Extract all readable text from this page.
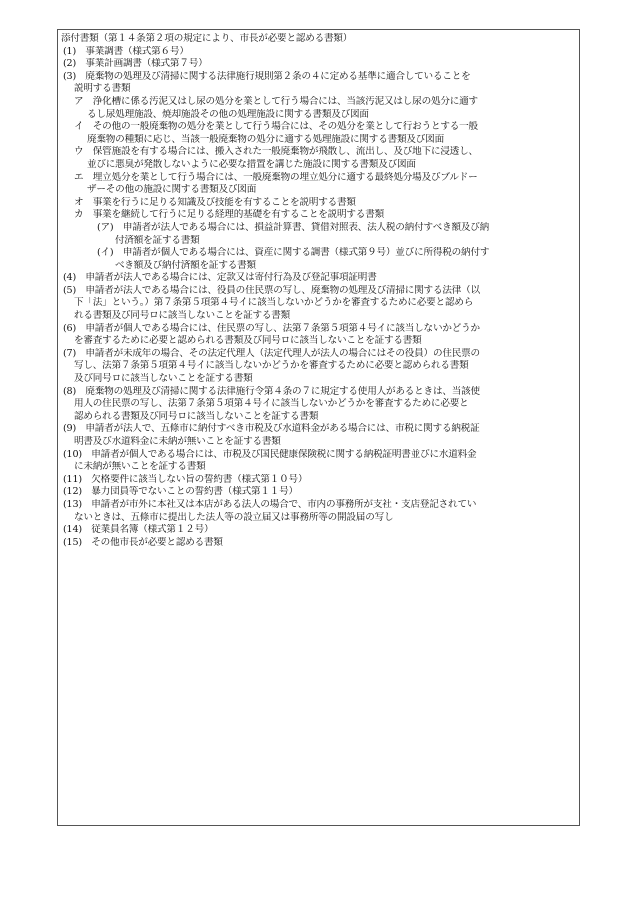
添付書類（第１４条第２項の規定により、市長が必要と認める書類）
(1)　事業調書（様式第６号）
(2)　事業計画調書（様式第７号）
(3)　廃棄物の処理及び清掃に関する法律施行規則第２条の４に定める基準に適合していることを
説明する書類
ア　浄化槽に係る汚泥又はし尿の処分を業として行う場合には、当該汚泥又はし尿の処分に適す
るし尿処理施設、焼却施設その他の処理施設に関する書類及び図面
イ　その他の一般廃棄物の処分を業として行う場合には、その処分を業として行おうとする一般
廃棄物の種類に応じ、当該一般廃棄物の処分に適する処理施設に関する書類及び図面
ウ　保管施設を有する場合には、搬入された一般廃棄物が飛散し、流出し、及び地下に浸透し、
並びに悪臭が発散しないように必要な措置を講じた施設に関する書類及び図面
エ　埋立処分を業として行う場合には、一般廃棄物の埋立処分に適する最終処分場及びブルドー
ザーその他の施設に関する書類及び図面
オ　事業を行うに足りる知識及び技能を有することを説明する書類
カ　事業を継続して行うに足りる経理的基礎を有することを説明する書類
(ア)　申請者が法人である場合には、損益計算書、貸借対照表、法人税の納付すべき額及び納
付済額を証する書類
(イ)　申請者が個人である場合には、資産に関する調書（様式第９号）並びに所得税の納付す
べき額及び納付済額を証する書類
(4)　申請者が法人である場合には、定款又は寄付行為及び登記事項証明書
(5)　申請者が法人である場合には、役員の住民票の写し、廃棄物の処理及び清掃に関する法律（以
下「法」という。）第７条第５項第４号イに該当しないかどうかを審査するために必要と認めら
れる書類及び同号ロに該当しないことを証する書類
(6)　申請者が個人である場合には、住民票の写し、法第７条第５項第４号イに該当しないかどうか
を審査するために必要と認められる書類及び同号ロに該当しないことを証する書類
(7)　申請者が未成年の場合、その法定代理人（法定代理人が法人の場合にはその役員）の住民票の
写し、法第７条第５項第４号イに該当しないかどうかを審査するために必要と認められる書類
及び同号ロに該当しないことを証する書類
(8)　廃棄物の処理及び清掃に関する法律施行令第４条の７に規定する使用人があるときは、当該使
用人の住民票の写し、法第７条第５項第４号イに該当しないかどうかを審査するために必要と
認められる書類及び同号ロに該当しないことを証する書類
(9)　申請者が法人で、五條市に納付すべき市税及び水道料金がある場合には、市税に関する納税証
明書及び水道料金に未納が無いことを証する書類
(10)　申請者が個人である場合には、市税及び国民健康保険税に関する納税証明書並びに水道料金
に未納が無いことを証する書類
(11)　欠格要件に該当しない旨の誓約書（様式第１０号）
(12)　暴力団員等でないことの誓約書（様式第１１号）
(13)　申請者が市外に本社又は本店がある法人の場合で、市内の事務所が支社・支店登記されてい
ないときは、五條市に提出した法人等の設立届又は事務所等の開設届の写し
(14)　従業員名簿（様式第１２号）
(15)　その他市長が必要と認める書類
